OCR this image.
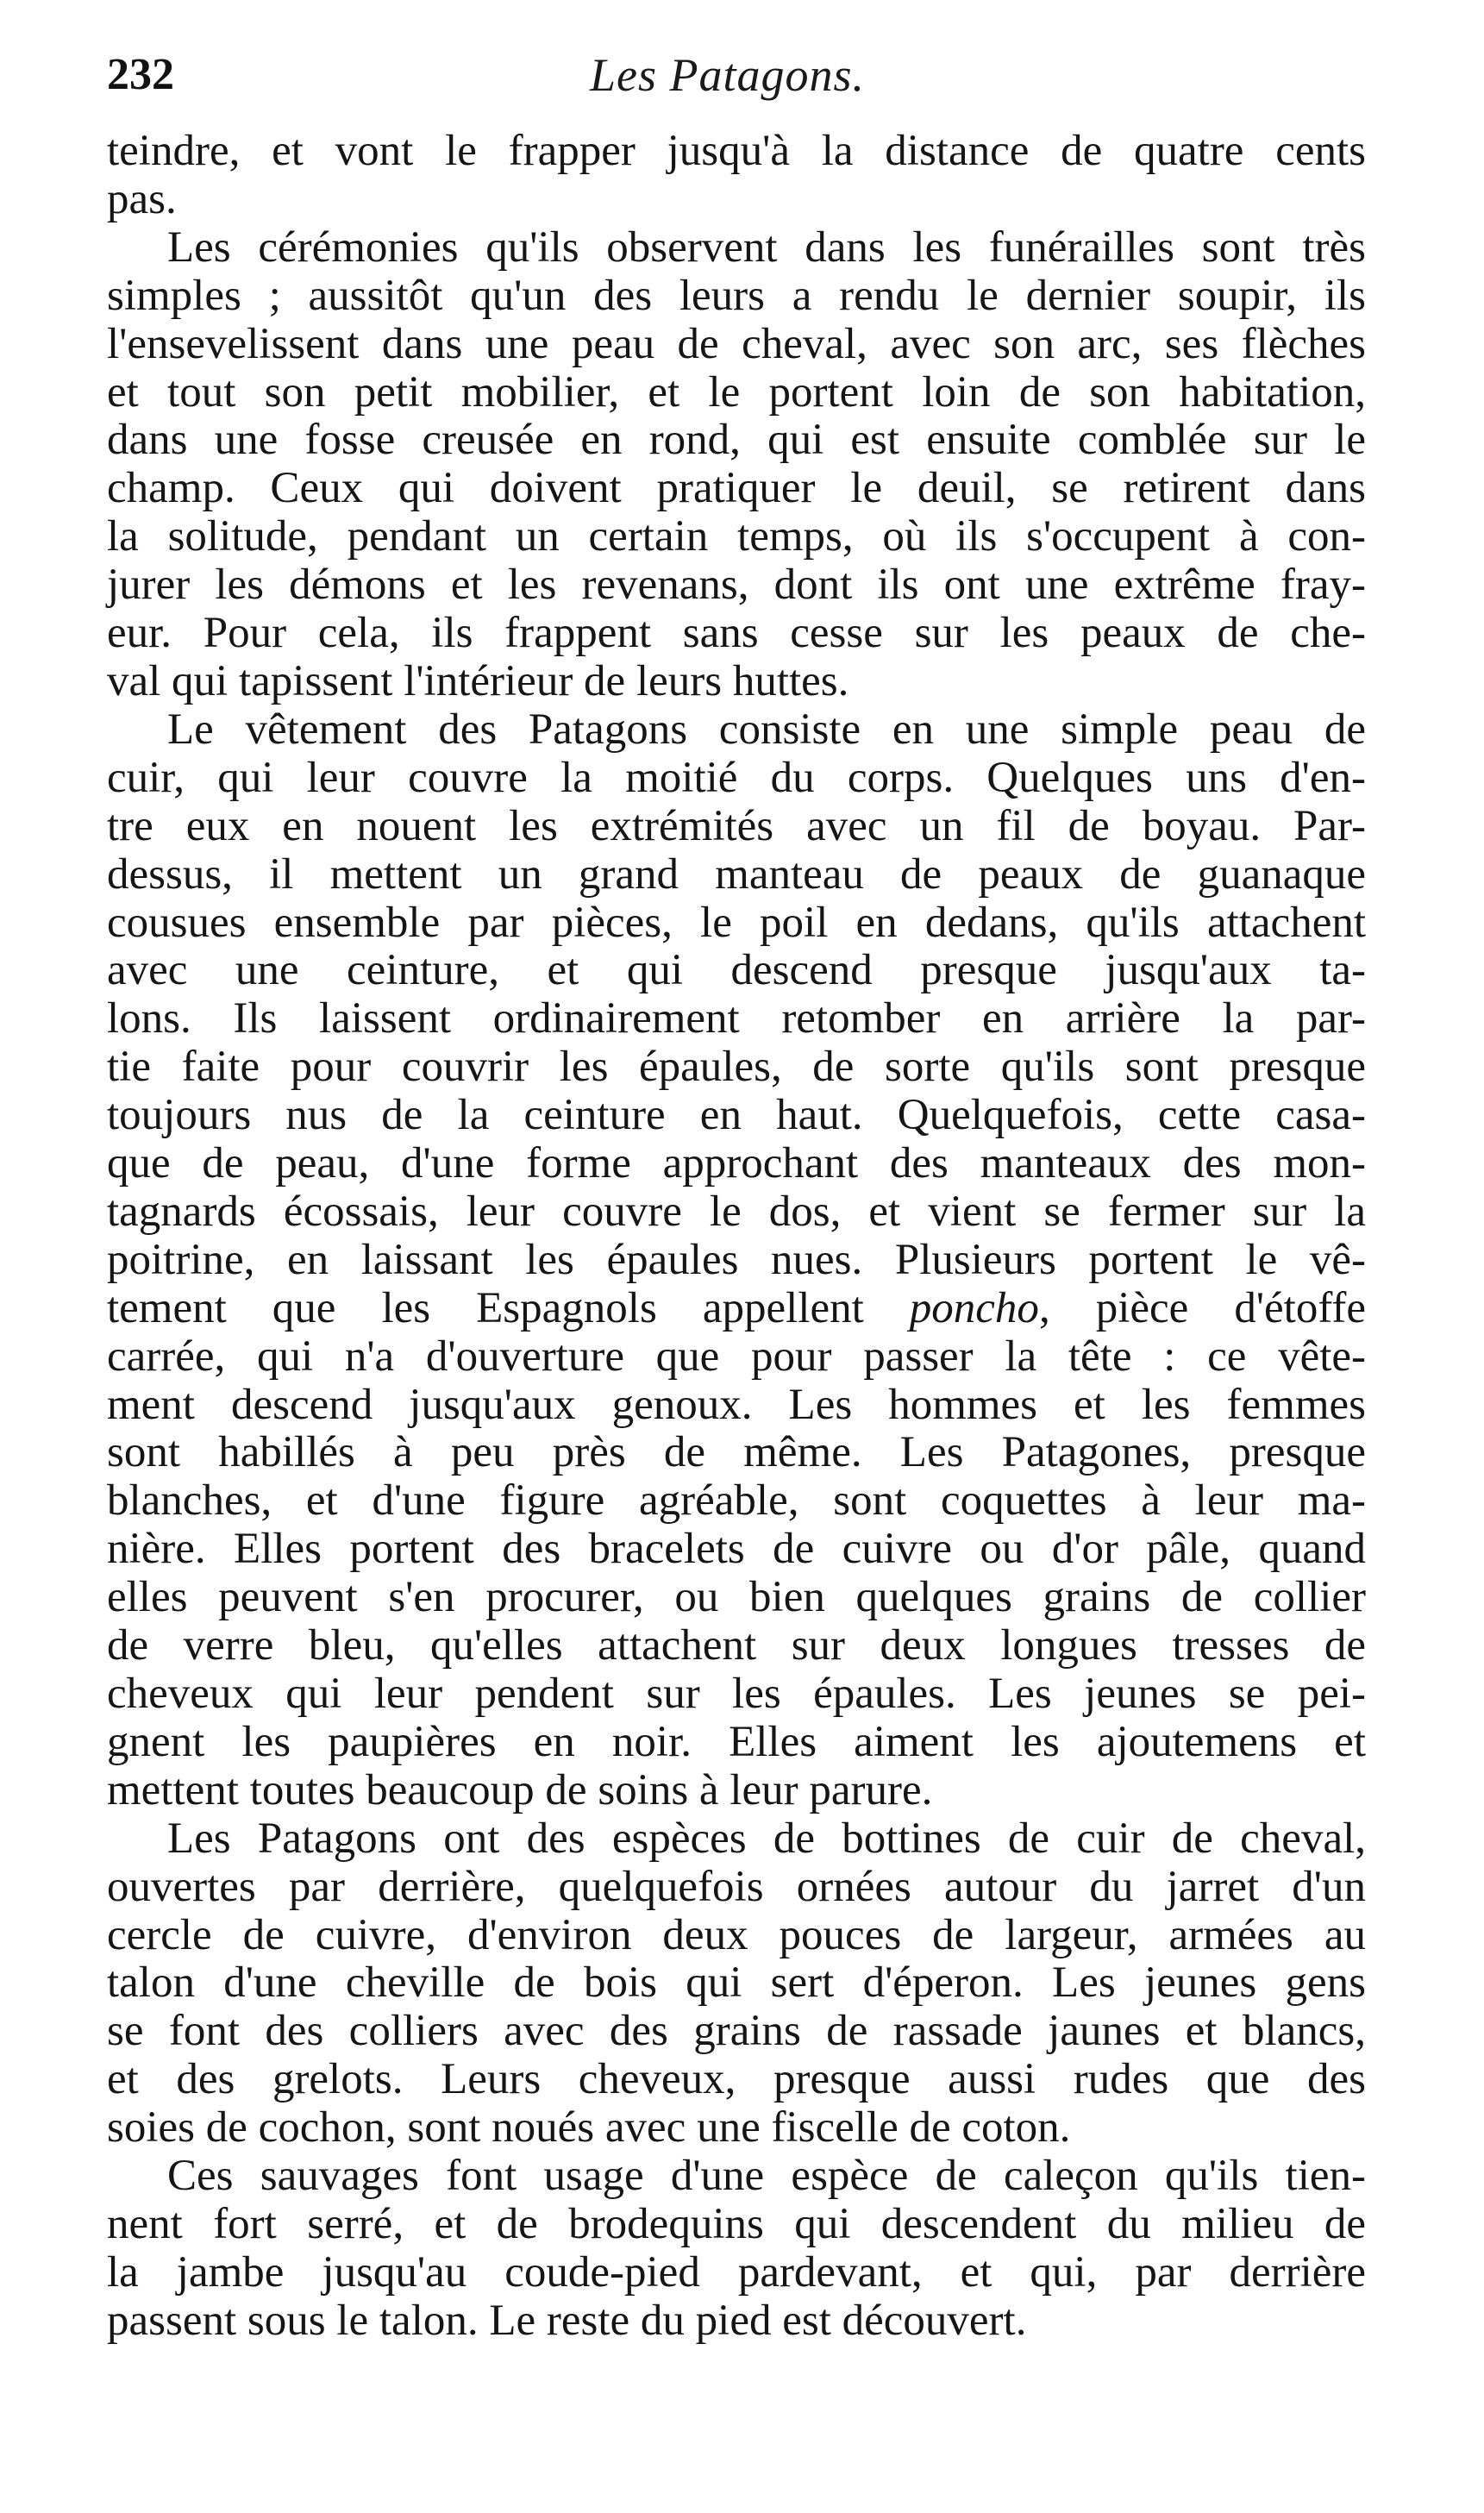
232	Les Patagons.
teindre, et vont le frapper jusqu'à la distance de quatre cents
pas.
Les cérémonies qu'ils observent dans les funérailles sont très
simples ; aussitôt qu'un des leurs a rendu le dernier soupir, ils
l'ensevelissent dans une peau de cheval, avec son arc, ses flèches
et tout son petit mobilier, et le portent loin de son habitation,
dans une fosse creusée en rond, qui est ensuite comblée sur le
champ. Ceux qui doivent pratiquer le deuil, se retirent dans
la solitude, pendant un certain temps, où ils s'occupent à con-
jurer les démons et les revenans, dont ils ont une extrême fray-
eur. Pour cela, ils frappent sans cesse sur les peaux de che-
val qui tapissent l'intérieur de leurs huttes.
Le vêtement des Patagons consiste en une simple peau de
cuir, qui leur couvre la moitié du corps. Quelques uns d'en-
tre eux en nouent les extrémités avec un fil de boyau. Par-
dessus, il mettent un grand manteau de peaux de guanaque
cousues ensemble par pièces, le poil en dedans, qu'ils attachent
avec une ceinture, et qui descend presque jusqu'aux ta-
lons. Ils laissent ordinairement retomber en arrière la par-
tie faite pour couvrir les épaules, de sorte qu'ils sont presque
toujours nus de la ceinture en haut. Quelquefois, cette casa-
que de peau, d'une forme approchant des manteaux des mon-
tagnards écossais, leur couvre le dos, et vient se fermer sur la
poitrine, en laissant les épaules nues. Plusieurs portent le vê-
tement que les Espagnols appellent poncho, pièce d'étoffe
carrée, qui n'a d'ouverture que pour passer la tête : ce vête-
ment descend jusqu'aux genoux. Les hommes et les femmes
sont habillés à peu près de même. Les Patagones, presque
blanches, et d'une figure agréable, sont coquettes à leur ma-
nière. Elles portent des bracelets de cuivre ou d'or pâle, quand
elles peuvent s'en procurer, ou bien quelques grains de collier
de verre bleu, qu'elles attachent sur deux longues tresses de
cheveux qui leur pendent sur les épaules. Les jeunes se pei-
gnent les paupières en noir. Elles aiment les ajoutemens et
mettent toutes beaucoup de soins à leur parure.
Les Patagons ont des espèces de bottines de cuir de cheval,
ouvertes par derrière, quelquefois ornées autour du jarret d'un
cercle de cuivre, d'environ deux pouces de largeur, armées au
talon d'une cheville de bois qui sert d'éperon. Les jeunes gens
se font des colliers avec des grains de rassade jaunes et blancs,
et des grelots. Leurs cheveux, presque aussi rudes que des
soies de cochon, sont noués avec une fiscelle de coton.
Ces sauvages font usage d'une espèce de caleçon qu'ils tien-
nent fort serré, et de brodequins qui descendent du milieu de
la jambe jusqu'au coude-pied pardevant, et qui, par derrière
passent sous le talon. Le reste du pied est découvert.
